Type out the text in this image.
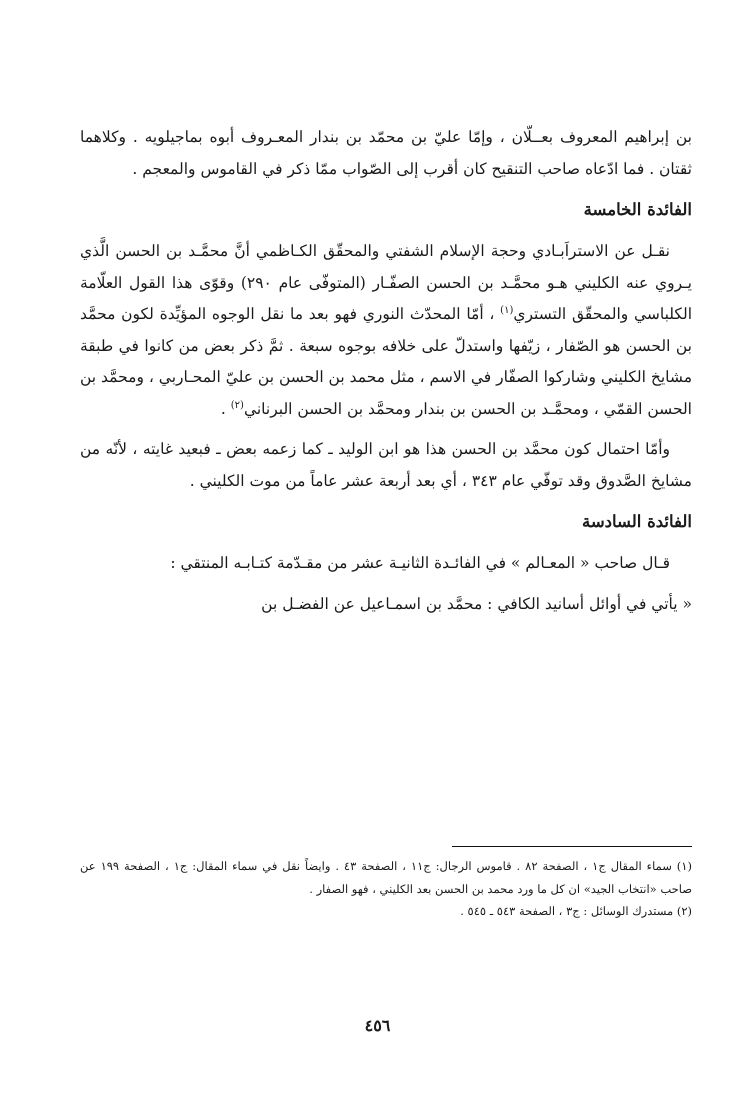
بن إبراهيم المعروف بعــلّان ، وإمّا عليّ بن محمّد بن بندار المعـروف أبوه بماجيلويه . وكلاهما ثقتان . فما ادّعاه صاحب التنقيح كان أقرب إلى الصّواب ممّا ذكر في القاموس والمعجم .

الفائدة الخامسة

نقـل عن الاستراَبـادي وحجة الإسلام الشفتي والمحقّق الكـاظمي أنَّ محمَّـد بن الحسن الَّذي يـروي عنه الكليني هـو محمَّـد بن الحسن الصفّـار (المتوفّى عام ٢٩٠) وقوّى هذا القول العلّامة الكلباسي والمحقّق التستري$^{(١)}$ ، أمّا المحدّث النوري فهو بعد ما نقل الوجوه المؤيِّدة لكون محمَّد بن الحسن هو الصّفار ، زيّفها واستدلّ على خلافه بوجوه سبعة . ثمَّ ذكر بعض من كانوا في طبقة مشايخ الكليني وشاركوا الصفّار في الاسم ، مثل محمد بن الحسن بن عليّ المحـاربي ، ومحمَّد بن الحسن القمّي ، ومحمَّـد بن الحسن بن بندار ومحمَّد بن الحسن البرناني$^{(٢)}$ .

وأمّا احتمال كون محمَّد بن الحسن هذا هو ابن الوليد ـ كما زعمه بعض ـ فبعيد غايته ، لأنّه من مشايخ الصَّدوق وقد توفّي عام ٣٤٣ ، أي بعد أربعة عشر عاماً من موت الكليني .

الفائدة السادسة

قـال صاحب « المعـالم » في الفائـدة الثانيـة عشر من مقـدّمة كتـابـه المنتقي :

« يأتي في أوائل أسانيد الكافي : محمَّد بن اسمـاعيل عن الفضـل بن

(١) سماء المقال ج١ ، الصفحة ٨٢ . قاموس الرجال: ج١١ ، الصفحة ٤٣ . وايضاً نقل في سماء المقال: ج١ ، الصفحة ١٩٩ عن صاحب «انتخاب الجيد» ان كل ما ورد محمد بن الحسن بعد الكليني ، فهو الصفار .

(٢) مستدرك الوسائل : ج٣ ، الصفحة ٥٤٣ ـ ٥٤٥ .

٤٥٦
